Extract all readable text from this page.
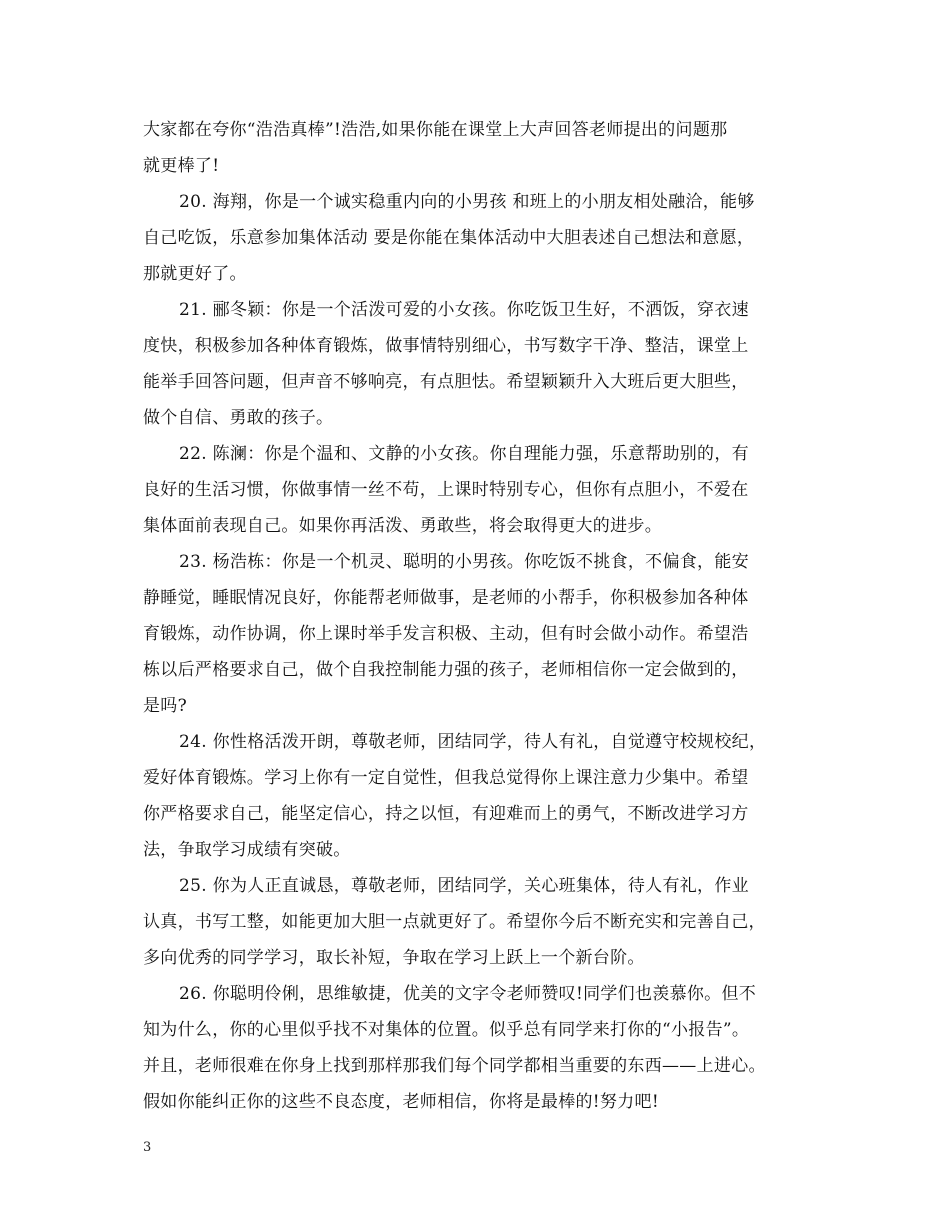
大家都在夸你“浩浩真棒”!浩浩,如果你能在课堂上大声回答老师提出的问题那
就更棒了!

20. 海翔，你是一个诚实稳重内向的小男孩 和班上的小朋友相处融洽，能够
自己吃饭，乐意参加集体活动 要是你能在集体活动中大胆表述自己想法和意愿，
那就更好了。

21. 郦冬颖：你是一个活泼可爱的小女孩。你吃饭卫生好，不洒饭，穿衣速
度快，积极参加各种体育锻炼，做事情特别细心，书写数字干净、整洁，课堂上
能举手回答问题，但声音不够响亮，有点胆怯。希望颖颖升入大班后更大胆些，
做个自信、勇敢的孩子。

22. 陈澜：你是个温和、文静的小女孩。你自理能力强，乐意帮助别的，有
良好的生活习惯，你做事情一丝不苟，上课时特别专心，但你有点胆小，不爱在
集体面前表现自己。如果你再活泼、勇敢些，将会取得更大的进步。

23. 杨浩栋：你是一个机灵、聪明的小男孩。你吃饭不挑食，不偏食，能安
静睡觉，睡眠情况良好，你能帮老师做事，是老师的小帮手，你积极参加各种体
育锻炼，动作协调，你上课时举手发言积极、主动，但有时会做小动作。希望浩
栋以后严格要求自己，做个自我控制能力强的孩子，老师相信你一定会做到的，
是吗?

24. 你性格活泼开朗，尊敬老师，团结同学，待人有礼，自觉遵守校规校纪，
爱好体育锻炼。学习上你有一定自觉性，但我总觉得你上课注意力少集中。希望
你严格要求自己，能坚定信心，持之以恒，有迎难而上的勇气，不断改进学习方
法，争取学习成绩有突破。

25. 你为人正直诚恳，尊敬老师，团结同学，关心班集体，待人有礼，作业
认真，书写工整，如能更加大胆一点就更好了。希望你今后不断充实和完善自己，
多向优秀的同学学习，取长补短，争取在学习上跃上一个新台阶。

26. 你聪明伶俐，思维敏捷，优美的文字令老师赞叹!同学们也羡慕你。但不
知为什么，你的心里似乎找不对集体的位置。似乎总有同学来打你的“小报告”。
并且，老师很难在你身上找到那样那我们每个同学都相当重要的东西——上进心。
假如你能纠正你的这些不良态度，老师相信，你将是最棒的!努力吧!

3
